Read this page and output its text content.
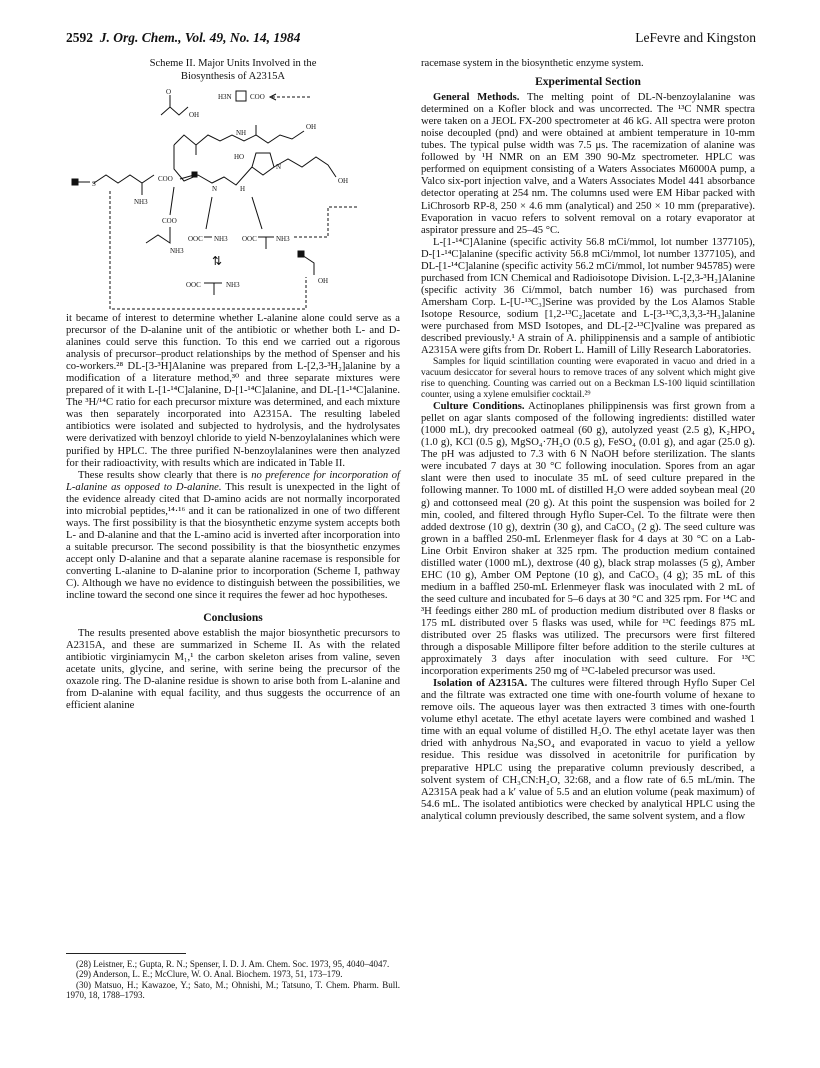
2592 J. Org. Chem., Vol. 49, No. 14, 1984	LeFevre and Kingston
Scheme II. Major Units Involved in the
Biosynthesis of A2315A
O
OH
H3N	COO
NH
OH
HO
N
OH
N	H
S
COO
NH3
COO
NH3
OOC NH3 OOC	NH3
OH
⇅
OOC	NH3

it became of interest to determine whether L-alanine alone could serve as a precursor of the D-alanine unit of the antibiotic or whether both L- and D-alanines could serve this function. To this end we carried out a rigorous analysis of precursor–product relationships by the method of Spenser and his co-workers.²⁸ DL-[3-³H]Alanine was prepared from L-[2,3-³H₂]alanine by a modification of a literature method,³⁰ and three separate mixtures were prepared of it with L-[1-¹⁴C]alanine, D-[1-¹⁴C]alanine, and DL-[1-¹⁴C]alanine. The ³H/¹⁴C ratio for each precursor mixture was determined, and each mixture was then separately incorporated into A2315A. The resulting labeled antibiotics were isolated and subjected to hydrolysis, and the hydrolysates were derivatized with benzoyl chloride to yield N-benzoylalanines which were purified by HPLC. The three purified N-benzoylalanines were then analyzed for their radioactivity, with results which are indicated in Table II.

These results show clearly that there is no preference for incorporation of L-alanine as opposed to D-alanine. This result is unexpected in the light of the evidence already cited that D-amino acids are not normally incorporated into microbial peptides,¹⁴·¹⁶ and it can be rationalized in one of two different ways. The first possibility is that the biosynthetic enzyme system accepts both L- and D-alanine and that the L-amino acid is inverted after incorporation into a suitable precursor. The second possibility is that the biosynthetic enzymes accept only D-alanine and that a separate alanine racemase is responsible for converting L-alanine to D-alanine prior to incorporation (Scheme I, pathway C). Although we have no evidence to distinguish between the possibilities, we incline toward the second one since it requires the fewer ad hoc hypotheses.

Conclusions

The results presented above establish the major biosynthetic precursors to A2315A, and these are summarized in Scheme II. As with the related antibiotic virginiamycin M₁,¹ the carbon skeleton arises from valine, seven acetate units, glycine, and serine, with serine being the precursor of the oxazole ring. The D-alanine residue is shown to arise both from L-alanine and from D-alanine with equal facility, and thus suggests the occurrence of an efficient alanine

(28) Leistner, E.; Gupta, R. N.; Spenser, I. D. J. Am. Chem. Soc. 1973, 95, 4040–4047.

(29) Anderson, L. E.; McClure, W. O. Anal. Biochem. 1973, 51, 173–179.

(30) Matsuo, H.; Kawazoe, Y.; Sato, M.; Ohnishi, M.; Tatsuno, T. Chem. Pharm. Bull. 1970, 18, 1788–1793.

racemase system in the biosynthetic enzyme system.

Experimental Section

General Methods. The melting point of DL-N-benzoylalanine was determined on a Kofler block and was uncorrected. The ¹³C NMR spectra were taken on a JEOL FX-200 spectrometer at 46 kG. All spectra were proton noise decoupled (pnd) and were obtained at ambient temperature in 10-mm tubes. The typical pulse width was 7.5 μs. The racemization of alanine was followed by ¹H NMR on an EM 390 90-Mz spectrometer. HPLC was performed on equipment consisting of a Waters Associates M6000A pump, a Valco six-port injection valve, and a Waters Associates Model 441 absorbance detector operating at 254 nm. The columns used were EM Hibar packed with LiChrosorb RP-8, 250 × 4.6 mm (analytical) and 250 × 10 mm (preparative). Evaporation in vacuo refers to solvent removal on a rotary evaporator at aspirator pressure and 25–45 °C.

L-[1-¹⁴C]Alanine (specific activity 56.8 mCi/mmol, lot number 1377105), D-[1-¹⁴C]alanine (specific activity 56.8 mCi/mmol, lot number 1377105), and DL-[1-¹⁴C]alanine (specific activity 56.2 mCi/mmol, lot number 945785) were purchased from ICN Chemical and Radioisotope Division. L-[2,3-³H₂]Alanine (specific activity 36 Ci/mmol, batch number 16) was purchased from Amersham Corp. L-[U-¹³C₃]Serine was provided by the Los Alamos Stable Isotope Resource, sodium [1,2-¹³C₂]acetate and L-[3-¹³C,3,3,3-²H₃]alanine were purchased from MSD Isotopes, and DL-[2-¹³C]valine was prepared as described previously.¹ A strain of A. philippinensis and a sample of antibiotic A2315A were gifts from Dr. Robert L. Hamill of Lilly Research Laboratories.

Samples for liquid scintillation counting were evaporated in vacuo and dried in a vacuum desiccator for several hours to remove traces of any solvent which might give rise to quenching. Counting was carried out on a Beckman LS-100 liquid scintillation counter, using a xylene emulsifier cocktail.²⁹

Culture Conditions. Actinoplanes philippinensis was first grown from a pellet on agar slants composed of the following ingredients: distilled water (1000 mL), dry precooked oatmeal (60 g), autolyzed yeast (2.5 g), K₂HPO₄ (1.0 g), KCl (0.5 g), MgSO₄·7H₂O (0.5 g), FeSO₄ (0.01 g), and agar (25.0 g). The pH was adjusted to 7.3 with 6 N NaOH before sterilization. The slants were incubated 7 days at 30 °C following inoculation. Spores from an agar slant were then used to inoculate 35 mL of seed culture prepared in the following manner. To 1000 mL of distilled H₂O were added soybean meal (20 g) and cottonseed meal (20 g). At this point the suspension was boiled for 2 min, cooled, and filtered through Hyflo Super-Cel. To the filtrate were then added dextrose (10 g), dextrin (30 g), and CaCO₃ (2 g). The seed culture was grown in a baffled 250-mL Erlenmeyer flask for 4 days at 30 °C on a Lab-Line Orbit Environ shaker at 325 rpm. The production medium contained distilled water (1000 mL), dextrose (40 g), black strap molasses (5 g), Amber EHC (10 g), Amber OM Peptone (10 g), and CaCO₃ (4 g); 35 mL of this medium in a baffled 250-mL Erlenmeyer flask was inoculated with 2 mL of the seed culture and incubated for 5–6 days at 30 °C and 325 rpm. For ¹⁴C and ³H feedings either 280 mL of production medium distributed over 8 flasks or 175 mL distributed over 5 flasks was used, while for ¹³C feedings 875 mL distributed over 25 flasks was utilized. The precursors were first filtered through a disposable Millipore filter before addition to the sterile cultures at approximately 3 days after inoculation with seed culture. For ¹³C incorporation experiments 250 mg of ¹³C-labeled precursor was used.

Isolation of A2315A. The cultures were filtered through Hyflo Super Cel and the filtrate was extracted one time with one-fourth volume of hexane to remove oils. The aqueous layer was then extracted 3 times with one-fourth volume ethyl acetate. The ethyl acetate layers were combined and washed 1 time with an equal volume of distilled H₂O. The ethyl acetate layer was then dried with anhydrous Na₂SO₄ and evaporated in vacuo to yield a yellow residue. This residue was dissolved in acetonitrile for purification by preparative HPLC using the preparative column previously described, a solvent system of CH₃CN:H₂O, 32:68, and a flow rate of 6.5 mL/min. The A2315A peak had a k′ value of 5.5 and an elution volume (peak maximum) of 54.6 mL. The isolated antibiotics were checked by analytical HPLC using the analytical column previously described, the same solvent system, and a flow
